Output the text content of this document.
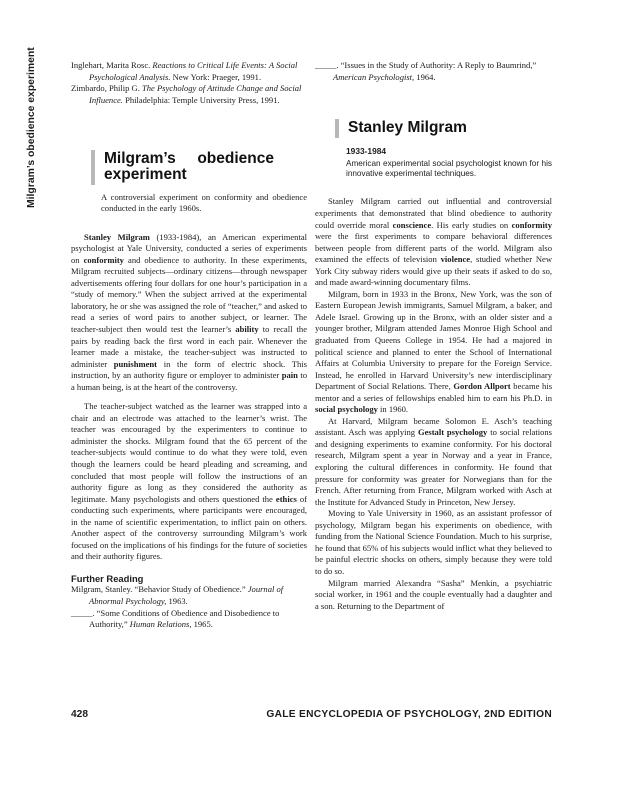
Milgram’s obedience experiment	Inglehart, Marita Rosc. Reactions to Critical Life Events: A Social Psychological Analysis. New York: Praeger, 1991.

Zimbardo, Philip G. The Psychology of Attitude Change and Social Influence. Philadelphia: Temple University Press, 1991.

Milgram’s obedience experiment
A controversial experiment on conformity and obedience conducted in the early 1960s.

Stanley Milgram (1933-1984), an American experimental psychologist at Yale University, conducted a series of experiments on conformity and obedience to authority. In these experiments, Milgram recruited subjects—ordinary citizens—through newspaper advertisements offering four dollars for one hour’s participation in a “study of memory.” When the subject arrived at the experimental laboratory, he or she was assigned the role of “teacher,” and asked to read a series of word pairs to another subject, or learner. The teacher-subject then would test the learner’s ability to recall the pairs by reading back the first word in each pair. Whenever the learner made a mistake, the teacher-subject was instructed to administer punishment in the form of electric shock. This instruction, by an authority figure or employer to administer pain to a human being, is at the heart of the controversy.

The teacher-subject watched as the learner was strapped into a chair and an electrode was attached to the learner’s wrist. The teacher was encouraged by the experimenters to continue to administer the shocks. Milgram found that the 65 percent of the teacher-subjects would continue to do what they were told, even though the learners could be heard pleading and screaming, and concluded that most people will follow the instructions of an authority figure as long as they considered the authority as legitimate. Many psychologists and others questioned the ethics of conducting such experiments, where participants were encouraged, in the name of scientific experimentation, to inflict pain on others. Another aspect of the controversy surrounding Milgram’s work focused on the implications of his findings for the future of societies and their authority figures.

Further Reading

Milgram, Stanley. “Behavior Study of Obedience.” Journal of Abnormal Psychology, 1963.

_____. “Some Conditions of Obedience and Disobedience to Authority,” Human Relations, 1965.

_____. “Issues in the Study of Authority: A Reply to Baumrind,” American Psychologist, 1964.

Stanley Milgram
1933-1984
American experimental social psychologist known for his innovative experimental techniques.

Stanley Milgram carried out influential and controversial experiments that demonstrated that blind obedience to authority could override moral conscience. His early studies on conformity were the first experiments to compare behavioral differences between people from different parts of the world. Milgram also examined the effects of television violence, studied whether New York City subway riders would give up their seats if asked to do so, and made award-winning documentary films.

Milgram, born in 1933 in the Bronx, New York, was the son of Eastern European Jewish immigrants, Samuel Milgram, a baker, and Adele Israel. Growing up in the Bronx, with an older sister and a younger brother, Milgram attended James Monroe High School and graduated from Queens College in 1954. He had a majored in political science and planned to enter the School of International Affairs at Columbia University to prepare for the Foreign Service. Instead, he enrolled in Harvard University’s new interdisciplinary Department of Social Relations. There, Gordon Allport became his mentor and a series of fellowships enabled him to earn his Ph.D. in social psychology in 1960.

At Harvard, Milgram became Solomon E. Asch’s teaching assistant. Asch was applying Gestalt psychology to social relations and designing experiments to examine conformity. For his doctoral research, Milgram spent a year in Norway and a year in France, exploring the cultural differences in conformity. He found that pressure for conformity was greater for Norwegians than for the French. After returning from France, Milgram worked with Asch at the Institute for Advanced Study in Princeton, New Jersey.

Moving to Yale University in 1960, as an assistant professor of psychology, Milgram began his experiments on obedience, with funding from the National Science Foundation. Much to his surprise, he found that 65% of his subjects would inflict what they believed to be painful electric shocks on others, simply because they were told to do so.

Milgram married Alexandra “Sasha” Menkin, a psychiatric social worker, in 1961 and the couple eventually had a daughter and a son. Returning to the Department of

428	GALE ENCYCLOPEDIA OF PSYCHOLOGY, 2ND EDITION
